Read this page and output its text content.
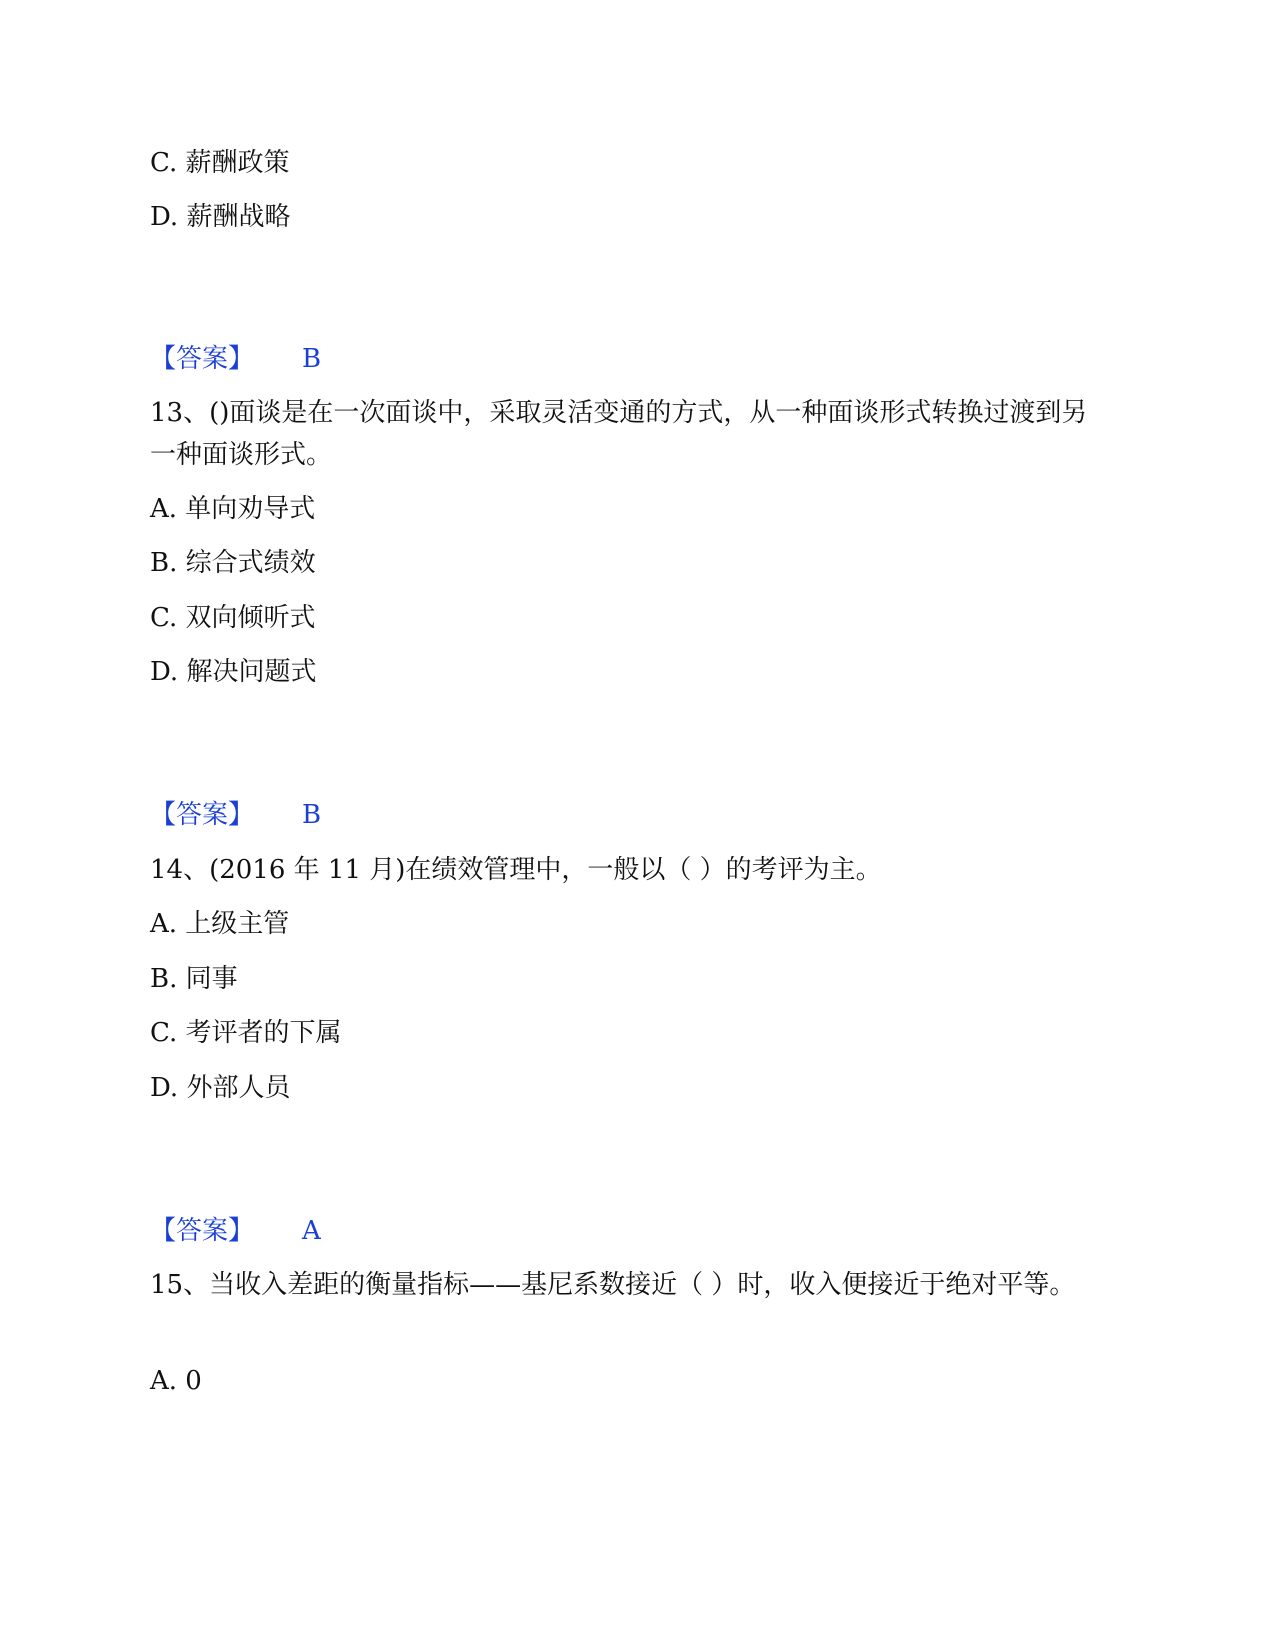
C. 薪酬政策
D. 薪酬战略
【答案】 B
13、()面谈是在一次面谈中，采取灵活变通的方式，从一种面谈形式转换过渡到另一种面谈形式。
A. 单向劝导式
B. 综合式绩效
C. 双向倾听式
D. 解决问题式
【答案】 B
14、(2016 年 11 月)在绩效管理中，一般以（ ）的考评为主。
A. 上级主管
B. 同事
C. 考评者的下属
D. 外部人员
【答案】 A
15、当收入差距的衡量指标——基尼系数接近（ ）时，收入便接近于绝对平等。
A. 0
